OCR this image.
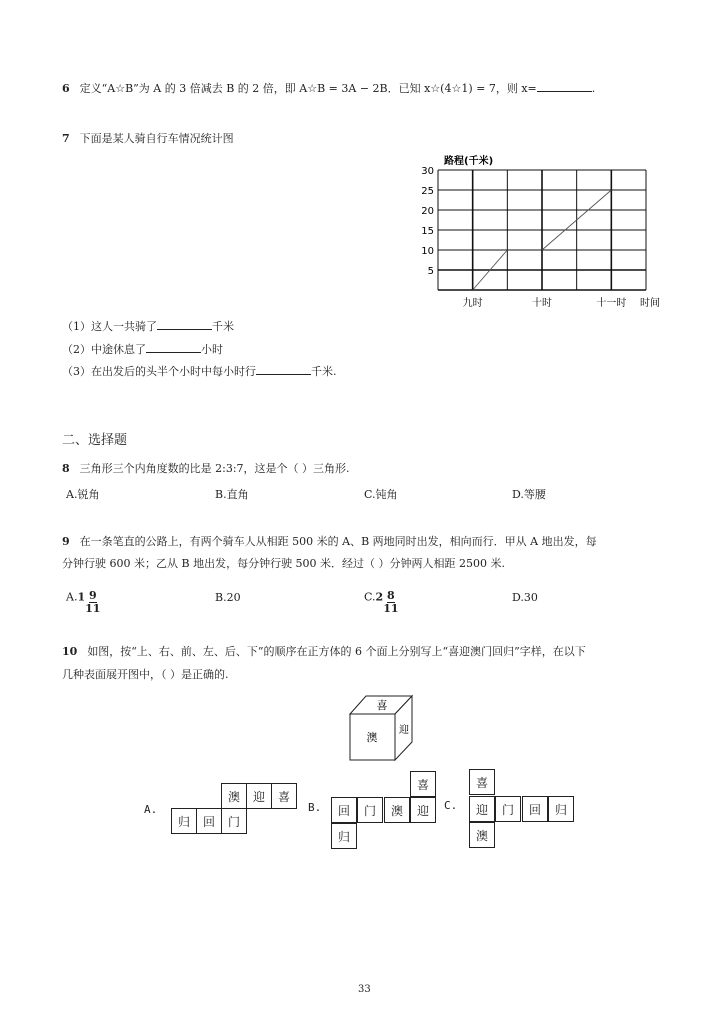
6 定义“A☆B”为 A 的 3 倍减去 B 的 2 倍，即 A☆B = 3A − 2B．已知 x☆(4☆1) = 7，则 x=	.
7 下面是某人骑自行车情况统计图
5
10
15
20
25
30
九时	十时	十一时 时间
路程(千米)
（1）这人一共骑了	千米
（2）中途休息了	小时
（3）在出发后的头半个小时中每小时行	千米.
二、选择题
8 三角形三个内角度数的比是 2:3:7，这是个（ ）三角形.
A.锐角	B.直角	C.钝角	D.等腰
9 在一条笔直的公路上，有两个骑车人从相距 500 米的 A、B 两地同时出发，相向而行．甲从 A 地出发，每
分钟行驶 600 米；乙从 B 地出发，每分钟行驶 500 米．经过（ ）分钟两人相距 2500 米.
$A.1 \frac{9}{11}$	B.20	$C.2 \frac{8}{11}$	D.30
10 如图，按“上、右、前、左、后、下”的顺序在正方体的 6 个面上分别写上“喜迎澳门回归”字样，在以下
几种表面展开图中，（ ）是正确的.
喜
澳
迎
A.
澳	迎	喜
归	回	门
B.
喜
回	门	澳	迎
归
C.
喜
迎	门	回	归
澳
33
